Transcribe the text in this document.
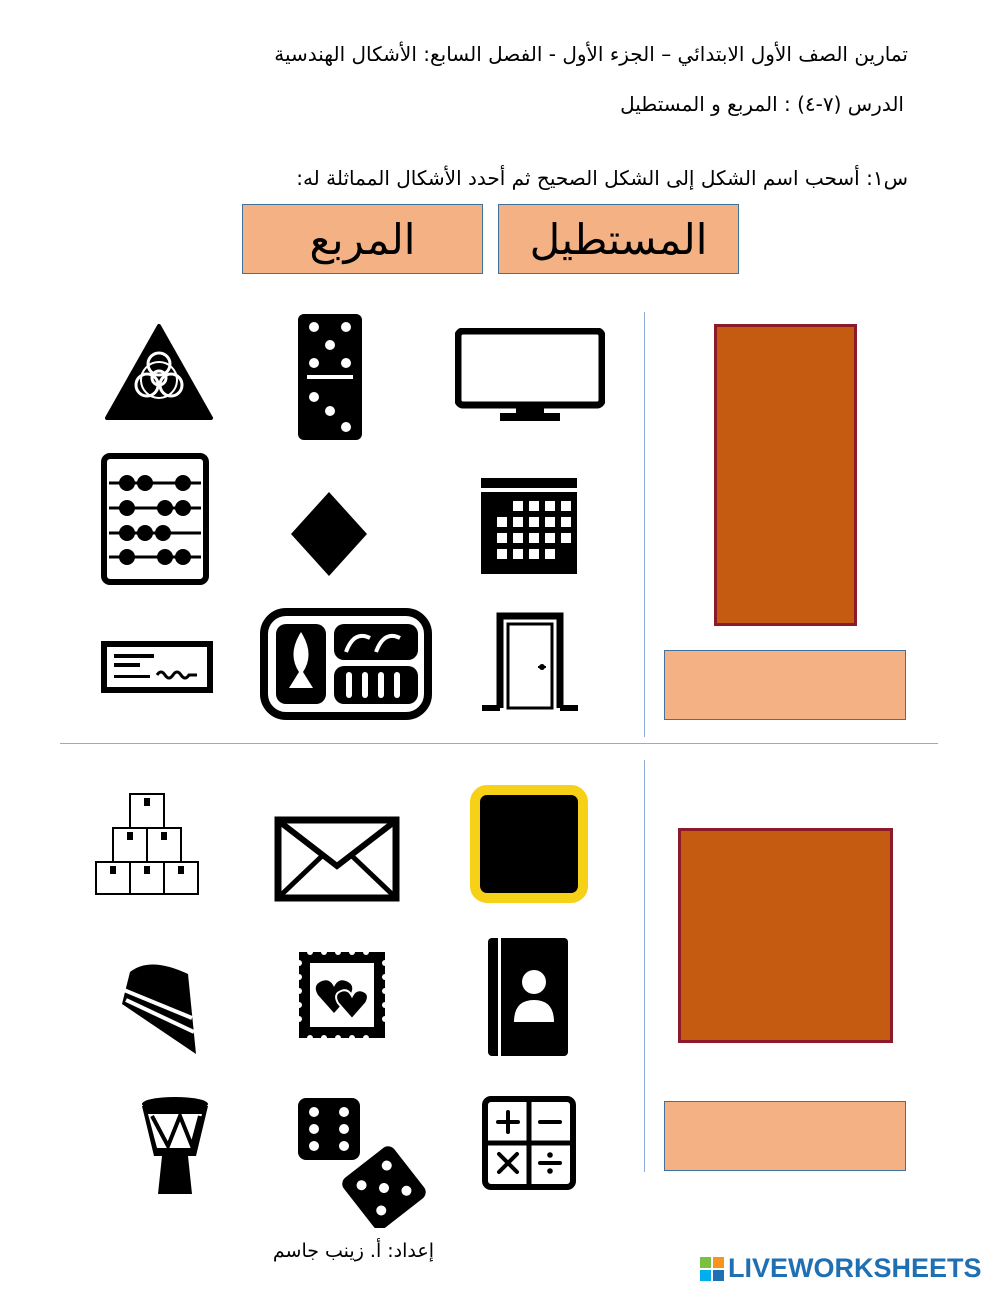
تمارين الصف الأول الابتدائي – الجزء الأول - الفصل السابع: الأشكال الهندسية
الدرس (٧-٤) : المربع و المستطيل
س١: أسحب اسم الشكل إلى الشكل الصحيح ثم أحدد الأشكال المماثلة له:
المربع	المستطيل
إعداد: أ. زينب جاسم
LIVEWORKSHEETS
